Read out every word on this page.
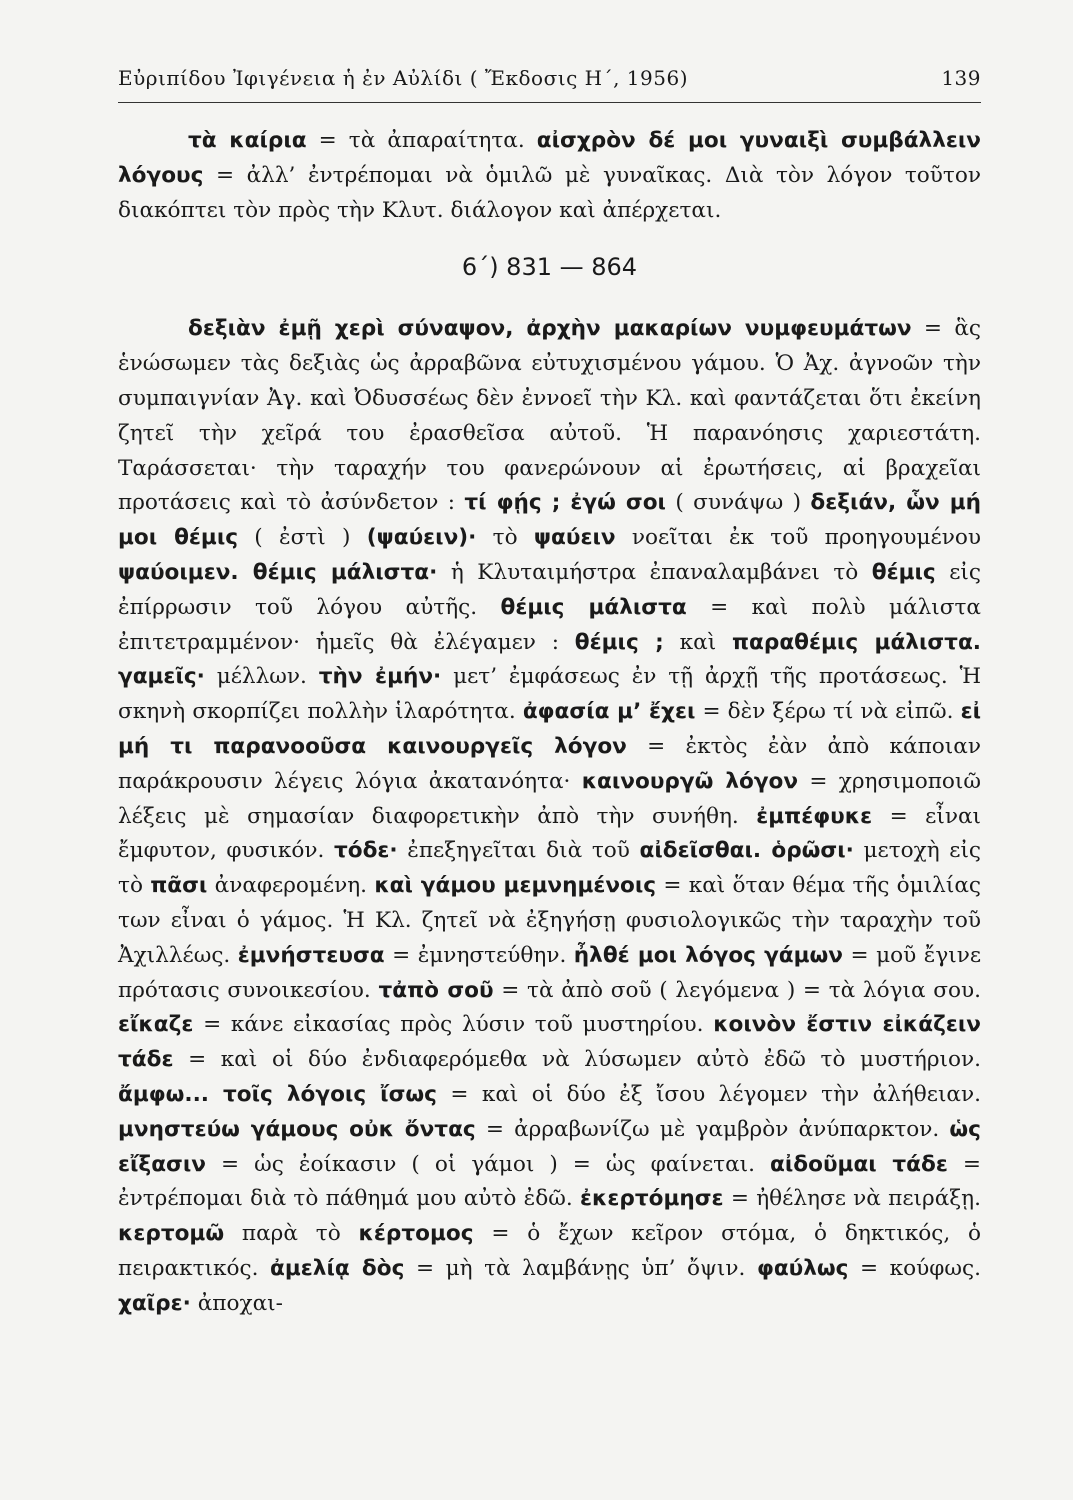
Εὐριπίδου Ἰφιγένεια ἡ ἐν Αὐλίδι ( Ἔκδοσις Η΄, 1956)	139

τὰ καίρια = τὰ ἀπαραίτητα. αἰσχρὸν δέ μοι γυναιξὶ συμβάλλειν λόγους = ἀλλ’ ἐντρέπομαι νὰ ὁμιλῶ μὲ γυναῖκας. Διὰ τὸν λόγον τοῦτον διακόπτει τὸν πρὸς τὴν Κλυτ. διάλογον καὶ ἀπέρχεται.

6΄) 831 — 864

δεξιὰν ἐμῇ χερὶ σύναψον, ἀρχὴν μακαρίων νυμφευμάτων = ἃς ἑνώσωμεν τὰς δεξιὰς ὡς ἀρραβῶνα εὐτυχισμένου γάμου. Ὁ Ἀχ. ἀγνοῶν τὴν συμπαιγνίαν Ἀγ. καὶ Ὀδυσσέως δὲν ἐννοεῖ τὴν Κλ. καὶ φαντάζεται ὅτι ἐκείνη ζητεῖ τὴν χεῖρά του ἐρασθεῖσα αὐτοῦ. Ἡ παρανόησις χαριεστάτη. Ταράσσεται· τὴν ταραχήν του φανερώνουν αἱ ἐρωτήσεις, αἱ βραχεῖαι προτάσεις καὶ τὸ ἀσύνδετον : τί φῄς ; ἐγώ σοι ( συνάψω ) δεξιάν, ὧν μή μοι θέμις ( ἐστὶ ) (ψαύειν)· τὸ ψαύειν νοεῖται ἐκ τοῦ προηγουμένου ψαύοιμεν. θέμις μάλιστα· ἡ Κλυταιμήστρα ἐπαναλαμβάνει τὸ θέμις εἰς ἐπίρρωσιν τοῦ λόγου αὐτῆς. θέμις μάλιστα = καὶ πολὺ μάλιστα ἐπιτετραμμένον· ἡμεῖς θὰ ἐλέγαμεν : θέμις ; καὶ παραθέμις μάλιστα. γαμεῖς· μέλλων. τὴν ἐμήν· μετ’ ἐμφάσεως ἐν τῇ ἀρχῇ τῆς προτάσεως. Ἡ σκηνὴ σκορπίζει πολλὴν ἱλαρότητα. ἀφασία μ’ ἔχει = δὲν ξέρω τί νὰ εἰπῶ. εἰ μή τι παρανοοῦσα καινουργεῖς λόγον = ἐκτὸς ἐὰν ἀπὸ κάποιαν παράκρουσιν λέγεις λόγια ἀκατανόητα· καινουργῶ λόγον = χρησιμοποιῶ λέξεις μὲ σημασίαν διαφορετικὴν ἀπὸ τὴν συνήθη. ἐμπέφυκε = εἶναι ἔμφυτον, φυσικόν. τόδε· ἐπεξηγεῖται διὰ τοῦ αἰδεῖσθαι. ὁρῶσι· μετοχὴ εἰς τὸ πᾶσι ἀναφερομένη. καὶ γάμου μεμνημένοις = καὶ ὅταν θέμα τῆς ὁμιλίας των εἶναι ὁ γάμος. Ἡ Κλ. ζητεῖ νὰ ἐξηγήσῃ φυσιολογικῶς τὴν ταραχὴν τοῦ Ἀχιλλέως. ἐμνήστευσα = ἐμνηστεύθην. ἦλθέ μοι λόγος γάμων = μοῦ ἔγινε πρότασις συνοικεσίου. τἀπὸ σοῦ = τὰ ἀπὸ σοῦ ( λεγόμενα ) = τὰ λόγια σου. εἴκαζε = κάνε εἰκασίας πρὸς λύσιν τοῦ μυστηρίου. κοινὸν ἔστιν εἰκάζειν τάδε = καὶ οἱ δύο ἐνδιαφερόμεθα νὰ λύσωμεν αὐτὸ ἐδῶ τὸ μυστήριον. ἄμφω... τοῖς λόγοις ἴσως = καὶ οἱ δύο ἐξ ἴσου λέγομεν τὴν ἀλήθειαν. μνηστεύω γάμους οὐκ ὄντας = ἀρραβωνίζω μὲ γαμβρὸν ἀνύπαρκτον. ὡς εἴξασιν = ὡς ἐοίκασιν ( οἱ γάμοι ) = ὡς φαίνεται. αἰδοῦμαι τάδε = ἐντρέπομαι διὰ τὸ πάθημά μου αὐτὸ ἐδῶ. ἐκερτόμησε = ἠθέλησε νὰ πειράξῃ. κερτομῶ παρὰ τὸ κέρτομος = ὁ ἔχων κεῖρον στόμα, ὁ δηκτικός, ὁ πειρακτικός. ἀμελίᾳ δὸς = μὴ τὰ λαμβάνῃς ὑπ’ ὄψιν. φαύλως = κούφως. χαῖρε· ἀποχαι-
